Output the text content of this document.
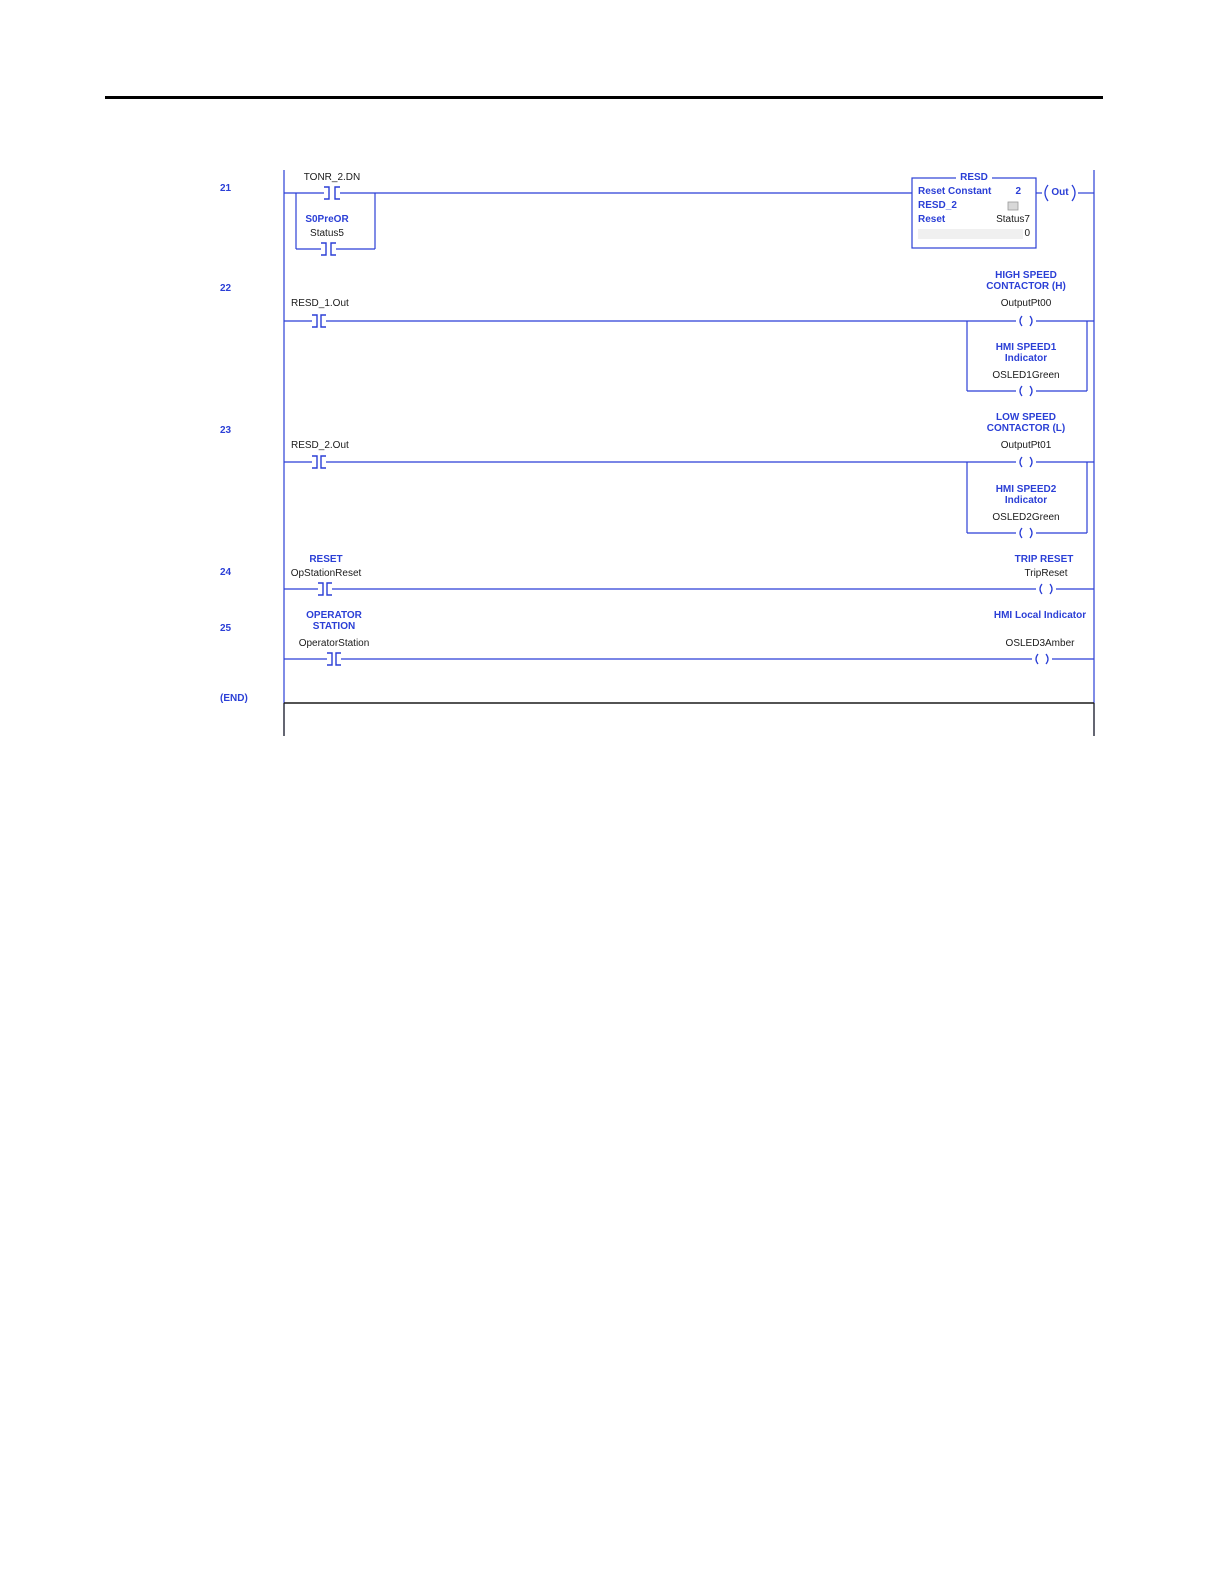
21
22
23
24
25
(END)
TONR_2.DN
S0PreOR
Status5
RESD
Reset Constant 2
RESD_2
Reset	Status7
0
Out
RESD_1.Out
HIGH SPEED CONTACTOR (H)
OutputPt00
HMI SPEED1 Indicator
OSLED1Green
RESD_2.Out
LOW SPEED CONTACTOR (L)
OutputPt01
HMI SPEED2 Indicator
OSLED2Green
RESET
OpStationReset
TRIP RESET
TripReset
OPERATOR STATION
OperatorStation
HMI Local Indicator
OSLED3Amber
